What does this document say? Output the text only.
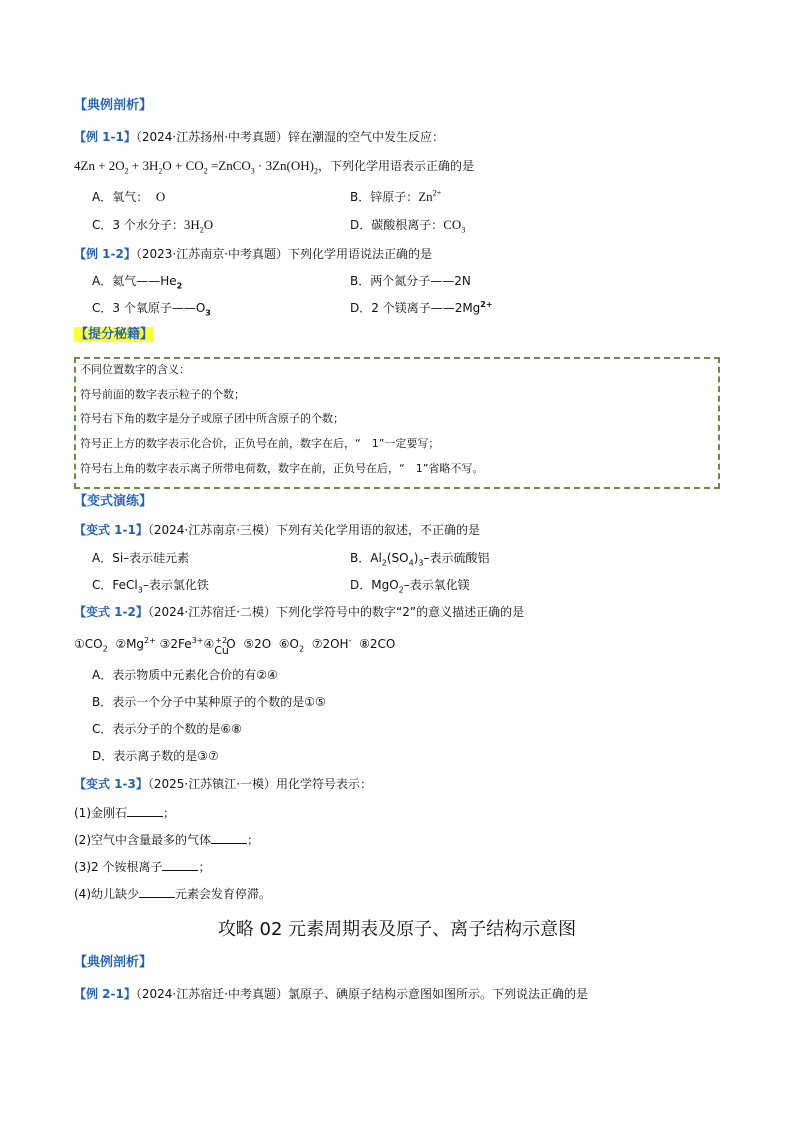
【典例剖析】
【例 1-1】（2024·江苏扬州·中考真题）锌在潮湿的空气中发生反应：
$4Zn + 2O_2 + 3H_2O + CO_2$ =ZnCO$_3$ · $3Zn(OH)_2$，下列化学用语表示正确的是
A．氧气： O	B．锌原子：$Zn^{2+}$
C．3 个水分子：$3H_2O$	D．碳酸根离子：$CO_3$
【例 1-2】（2023·江苏南京·中考真题）下列化学用语说法正确的是
A．氦气$——He_2$	B．两个氮分子——2N
C．3 个氧原子$——O_3$	D．2 个镁离子$——2Mg^{2+}$
【提分秘籍】
不同位置数字的含义：
符号前面的数字表示粒子的个数；
符号右下角的数字是分子或原子团中所含原子的个数；
符号正上方的数字表示化合价，正负号在前，数字在后，“　1”一定要写；
符号右上角的数字表示离子所带电荷数，数字在前，正负号在后，“　1”省略不写。
【变式演练】
【变式 1-1】（2024·江苏南京·三模）下列有关化学用语的叙述，不正确的是
A．Si–表示硅元素	B．$Al_2(SO_4)_3-$表示硫酸铝
C．FeCl$_3$–表示氯化铁	D．MgO$_2$–表示氧化镁
【变式 1-2】（2024·江苏宿迁·二模）下列化学符号中的数字“2”的意义描述正确的是
$①CO_2$  $②Mg^{2+}$ $③2Fe^{3+}④ +2$
Cu
O  ⑤2O  $⑥O_2$  ⑦2OH-  ⑧2CO
A．表示物质中元素化合价的有②④
B．表示一个分子中某种原子的个数的是①⑤
C．表示分子的个数的是⑥⑧
D．表示离子数的是③⑦
【变式 1-3】（2025·江苏镇江·一模）用化学符号表示：
(1)金刚石	；
(2)空气中含量最多的气体	；
(3)2 个铵根离子	；
(4)幼儿缺少	元素会发育停滞。
攻略 02 元素周期表及原子、离子结构示意图
【典例剖析】
【例 2-1】（2024·江苏宿迁·中考真题）氯原子、碘原子结构示意图如图所示。下列说法正确的是
